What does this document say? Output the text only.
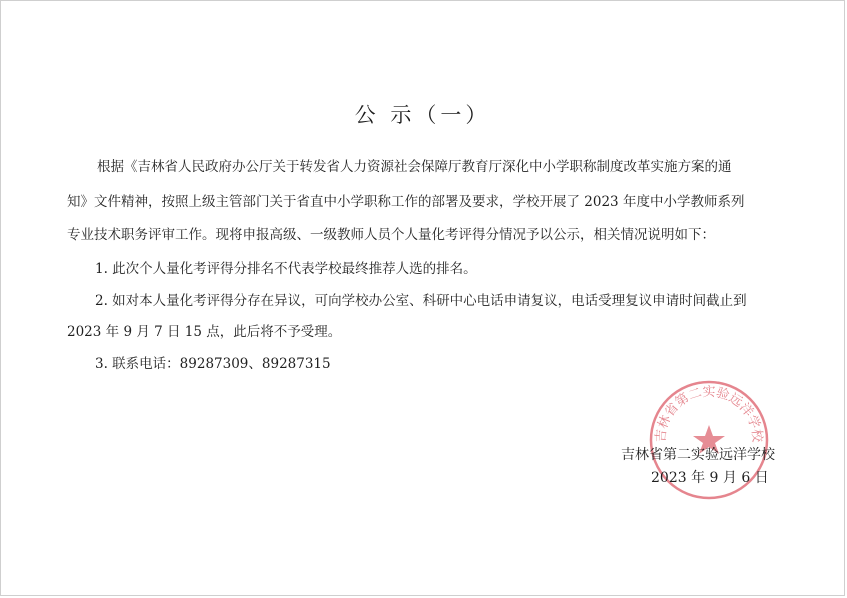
公 示（一）
根据《吉林省人民政府办公厅关于转发省人力资源社会保障厅教育厅深化中小学职称制度改革实施方案的通
知》文件精神，按照上级主管部门关于省直中小学职称工作的部署及要求，学校开展了 2023 年度中小学教师系列
专业技术职务评审工作。现将申报高级、一级教师人员个人量化考评得分情况予以公示，相关情况说明如下：
1. 此次个人量化考评得分排名不代表学校最终推荐人选的排名。
2. 如对本人量化考评得分存在异议，可向学校办公室、科研中心电话申请复议，电话受理复议申请时间截止到
2023 年 9 月 7 日 15 点，此后将不予受理。
3. 联系电话：89287309、89287315
吉林省第二实验远洋学校
吉林省第二实验远洋学校
2023 年 9 月 6 日
